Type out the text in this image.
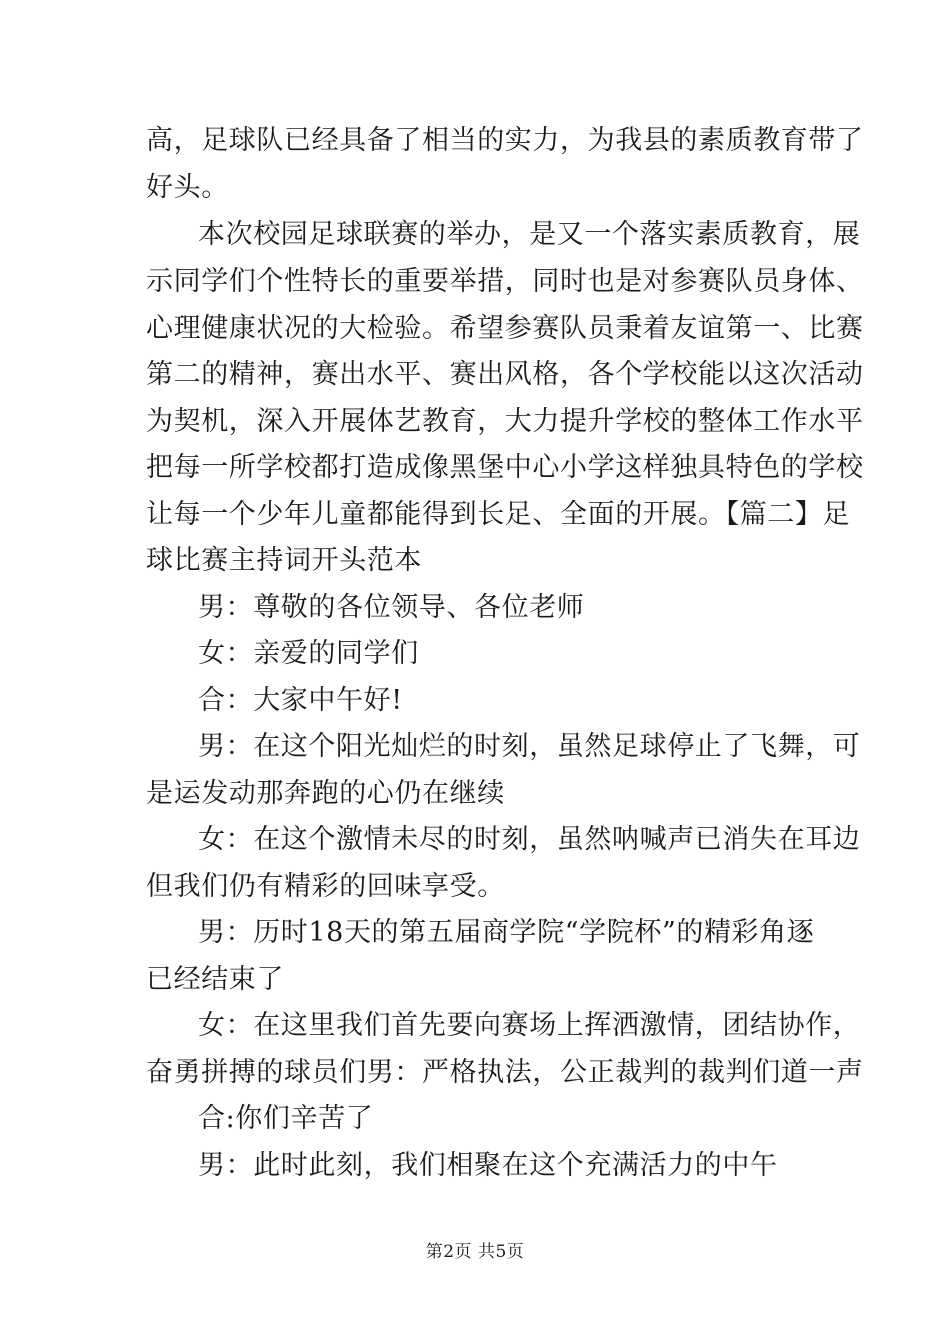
高，足球队已经具备了相当的实力，为我县的素质教育带了
好头。
本次校园足球联赛的举办，是又一个落实素质教育，展
示同学们个性特长的重要举措，同时也是对参赛队员身体、
心理健康状况的大检验。希望参赛队员秉着友谊第一、比赛
第二的精神，赛出水平、赛出风格，各个学校能以这次活动
为契机，深入开展体艺教育，大力提升学校的整体工作水平
把每一所学校都打造成像黑堡中心小学这样独具特色的学校
让每一个少年儿童都能得到长足、全面的开展。【篇二】足
球比赛主持词开头范本
男：尊敬的各位领导、各位老师
女：亲爱的同学们
合：大家中午好!
男：在这个阳光灿烂的时刻，虽然足球停止了飞舞，可
是运发动那奔跑的心仍在继续
女：在这个激情未尽的时刻，虽然呐喊声已消失在耳边
但我们仍有精彩的回味享受。
男：历时18天的第五届商学院“学院杯”的精彩角逐
已经结束了
女：在这里我们首先要向赛场上挥洒激情，团结协作，
奋勇拼搏的球员们男：严格执法，公正裁判的裁判们道一声
合:你们辛苦了
男：此时此刻，我们相聚在这个充满活力的中午
第2页 共5页
